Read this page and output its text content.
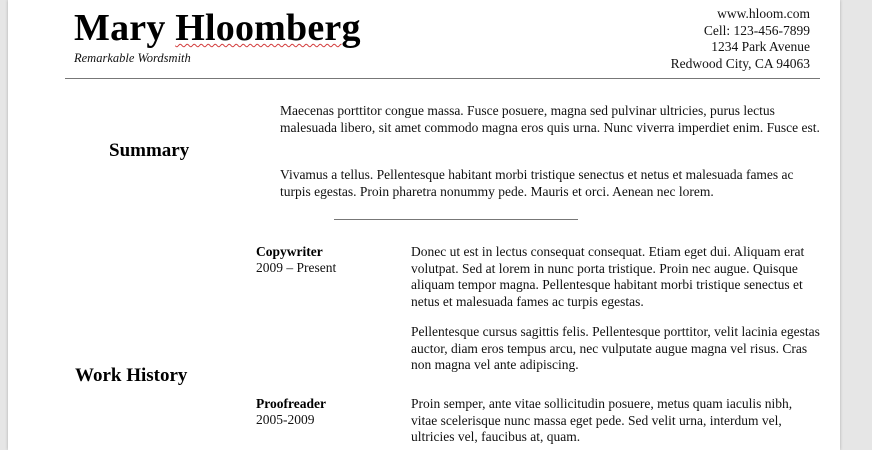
Mary Hloomberg
Remarkable Wordsmith
www.hloom.com
Cell: 123-456-7899
1234 Park Avenue
Redwood City, CA 94063
Summary
Maecenas porttitor congue massa. Fusce posuere, magna sed pulvinar ultricies, purus lectus malesuada libero, sit amet commodo magna eros quis urna. Nunc viverra imperdiet enim. Fusce est.
Vivamus a tellus. Pellentesque habitant morbi tristique senectus et netus et malesuada fames ac turpis egestas. Proin pharetra nonummy pede. Mauris et orci. Aenean nec lorem.
Work History
Copywriter
2009 – Present
Donec ut est in lectus consequat consequat. Etiam eget dui. Aliquam erat volutpat. Sed at lorem in nunc porta tristique. Proin nec augue. Quisque aliquam tempor magna. Pellentesque habitant morbi tristique senectus et netus et malesuada fames ac turpis egestas.
Pellentesque cursus sagittis felis. Pellentesque porttitor, velit lacinia egestas auctor, diam eros tempus arcu, nec vulputate augue magna vel risus. Cras non magna vel ante adipiscing.
Proofreader
2005-2009
Proin semper, ante vitae sollicitudin posuere, metus quam iaculis nibh, vitae scelerisque nunc massa eget pede. Sed velit urna, interdum vel, ultricies vel, faucibus at, quam.
